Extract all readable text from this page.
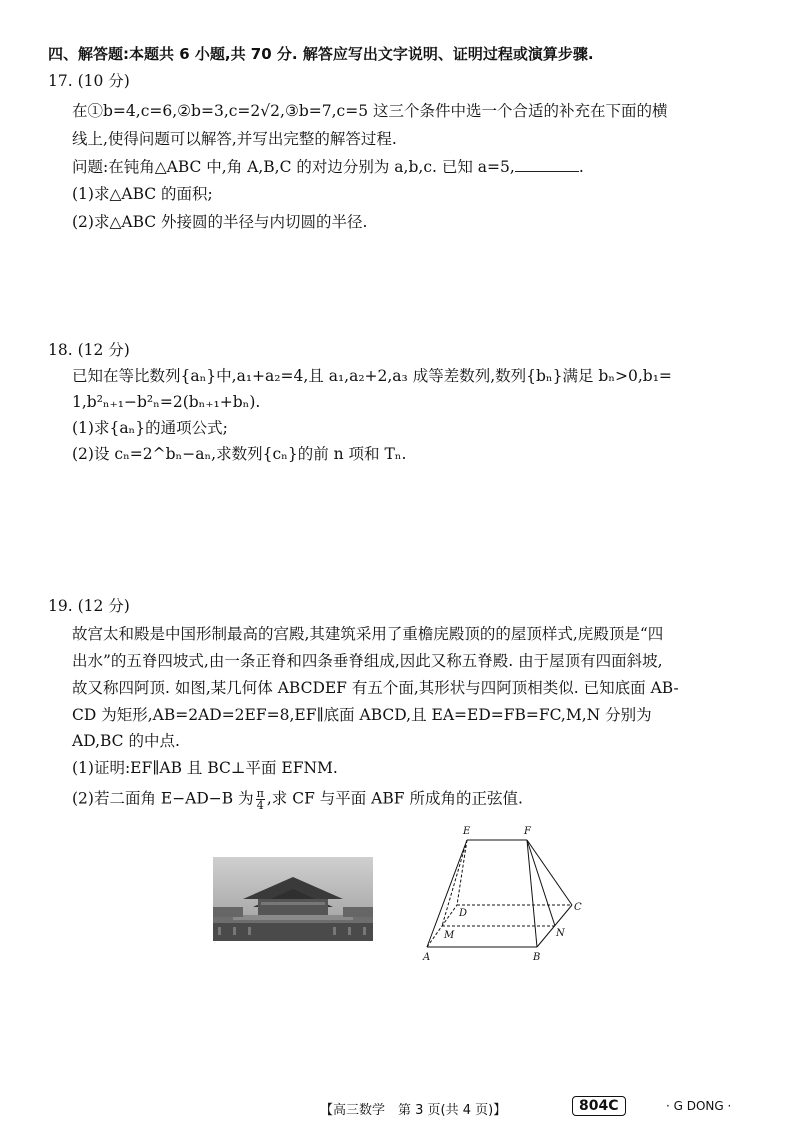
四、解答题:本题共 6 小题,共 70 分. 解答应写出文字说明、证明过程或演算步骤.
17. (10 分)
在①b=4,c=6,②b=3,c=2√2,③b=7,c=5 这三个条件中选一个合适的补充在下面的横
线上,使得问题可以解答,并写出完整的解答过程.
问题:在钝角△ABC 中,角 A,B,C 的对边分别为 a,b,c. 已知 a=5,	.
(1)求△ABC 的面积;
(2)求△ABC 外接圆的半径与内切圆的半径.
18. (12 分)
已知在等比数列{aₙ}中,a₁+a₂=4,且 a₁,a₂+2,a₃ 成等差数列,数列{bₙ}满足 bₙ>0,b₁=
1,b²ₙ₊₁−b²ₙ=2(bₙ₊₁+bₙ).
(1)求{aₙ}的通项公式;
(2)设 cₙ=2^bₙ−aₙ,求数列{cₙ}的前 n 项和 Tₙ.
19. (12 分)
故宫太和殿是中国形制最高的宫殿,其建筑采用了重檐庑殿顶的的屋顶样式,庑殿顶是“四
出水”的五脊四坡式,由一条正脊和四条垂脊组成,因此又称五脊殿. 由于屋顶有四面斜坡,
故又称四阿顶. 如图,某几何体 ABCDEF 有五个面,其形状与四阿顶相类似. 已知底面 AB-
CD 为矩形,AB=2AD=2EF=8,EF∥底面 ABCD,且 EA=ED=FB=FC,M,N 分别为
AD,BC 的中点.
(1)证明:EF∥AB 且 BC⊥平面 EFNM.
(2)若二面角 E−AD−B 为 $\frac{\pi}{4}$ ,求 CF 与平面 ABF 所成角的正弦值.
E	F
D
C
M	N
A	B
【高三数学　第 3 页(共 4 页)】	804C	· G DONG ·
